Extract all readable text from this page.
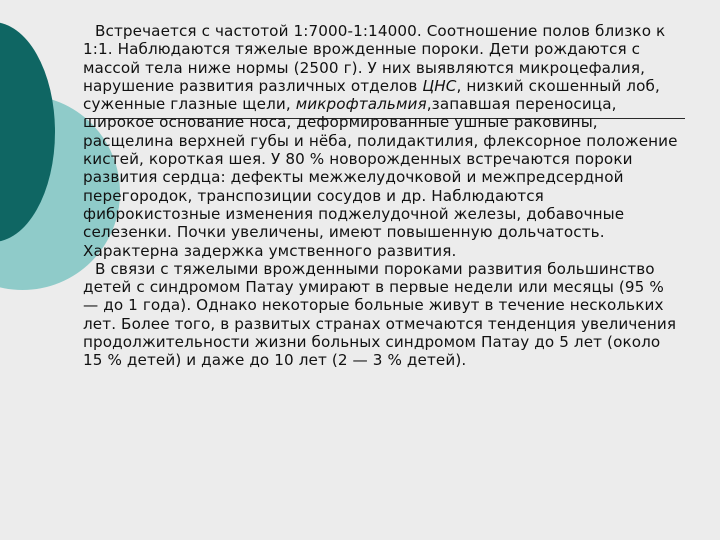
Встречается с частотой 1:7000-1:14000. Соотношение полов близко к 1:1. Наблюдаются тяжелые врожденные пороки. Дети рождаются с массой тела ниже нормы (2500 г). У них выявляются микроцефалия, нарушение развития различных отделов ЦНС, низкий скошенный лоб, суженные глазные щели, микрофтальмия,запавшая переносица, широкое основание носа, деформированные ушные раковины, расщелина верхней губы и нёба, полидактилия, флексорное положение кистей, короткая шея. У 80 % новорожденных встречаются пороки развития сердца: дефекты межжелудочковой и межпредсердной перегородок, транспозиции сосудов и др. Наблюдаются фиброкистозные изменения поджелудочной железы, добавочные селезенки. Почки увеличены, имеют повышенную дольчатость. Характерна задержка умственного развития.

В связи с тяжелыми врожденными пороками развития большинство детей с синдромом Патау умирают в первые недели или месяцы (95 % — до 1 года). Однако некоторые больные живут в течение нескольких лет. Более того, в развитых странах отмечаются тенденция увеличения продолжительности жизни больных синдромом Патау до 5 лет (около 15 % детей) и даже до 10 лет (2 — 3 % детей).
